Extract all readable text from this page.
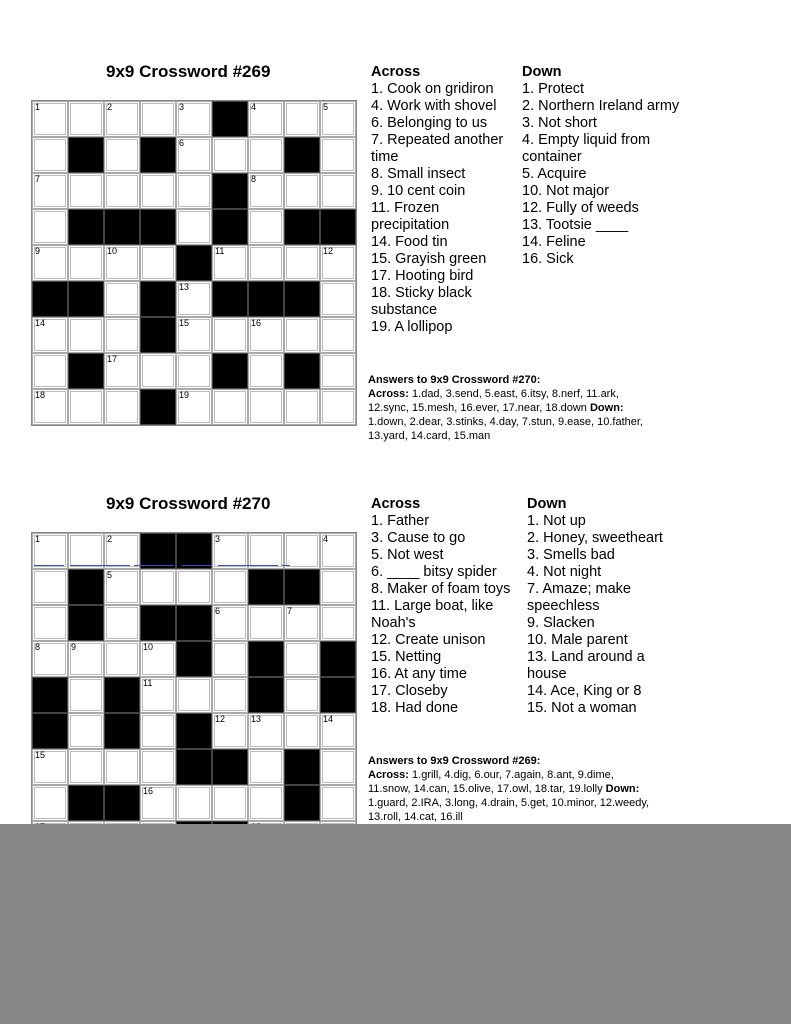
9x9 Crossword #269
1	2	3	4	5
6
7	8
9	10	11	12
13
14	15	16
17
18	19
Across
1. Cook on gridiron
4. Work with shovel
6. Belonging to us
7. Repeated another
time
8. Small insect
9. 10 cent coin
11. Frozen
precipitation
14. Food tin
15. Grayish green
17. Hooting bird
18. Sticky black
substance
19. A lollipop
Down
1. Protect
2. Northern Ireland army
3. Not short
4. Empty liquid from
container
5. Acquire
10. Not major
12. Fully of weeds
13. Tootsie ____
14. Feline
16. Sick
Answers to 9x9 Crossword #270:
Across: 1.dad, 3.send, 5.east, 6.itsy, 8.nerf, 11.ark,
12.sync, 15.mesh, 16.ever, 17.near, 18.down Down:
1.down, 2.dear, 3.stinks, 4.day, 7.stun, 9.ease, 10.father,
13.yard, 14.card, 15.man
9x9 Crossword #270
1	2	3	4
5
6	7
8	9	10
11
12	13	14
15
16
Across
1. Father
3. Cause to go
5. Not west
6. ____ bitsy spider
8. Maker of foam toys
11. Large boat, like
Noah's
12. Create unison
15. Netting
16. At any time
17. Closeby
18. Had done
Down
1. Not up
2. Honey, sweetheart
3. Smells bad
4. Not night
7. Amaze; make
speechless
9. Slacken
10. Male parent
13. Land around a
house
14. Ace, King or 8
15. Not a woman
Answers to 9x9 Crossword #269:
Across: 1.grill, 4.dig, 6.our, 7.again, 8.ant, 9.dime,
11.snow, 14.can, 15.olive, 17.owl, 18.tar, 19.lolly Down:
1.guard, 2.IRA, 3.long, 4.drain, 5.get, 10.minor, 12.weedy,
13.roll, 14.cat, 16.ill
